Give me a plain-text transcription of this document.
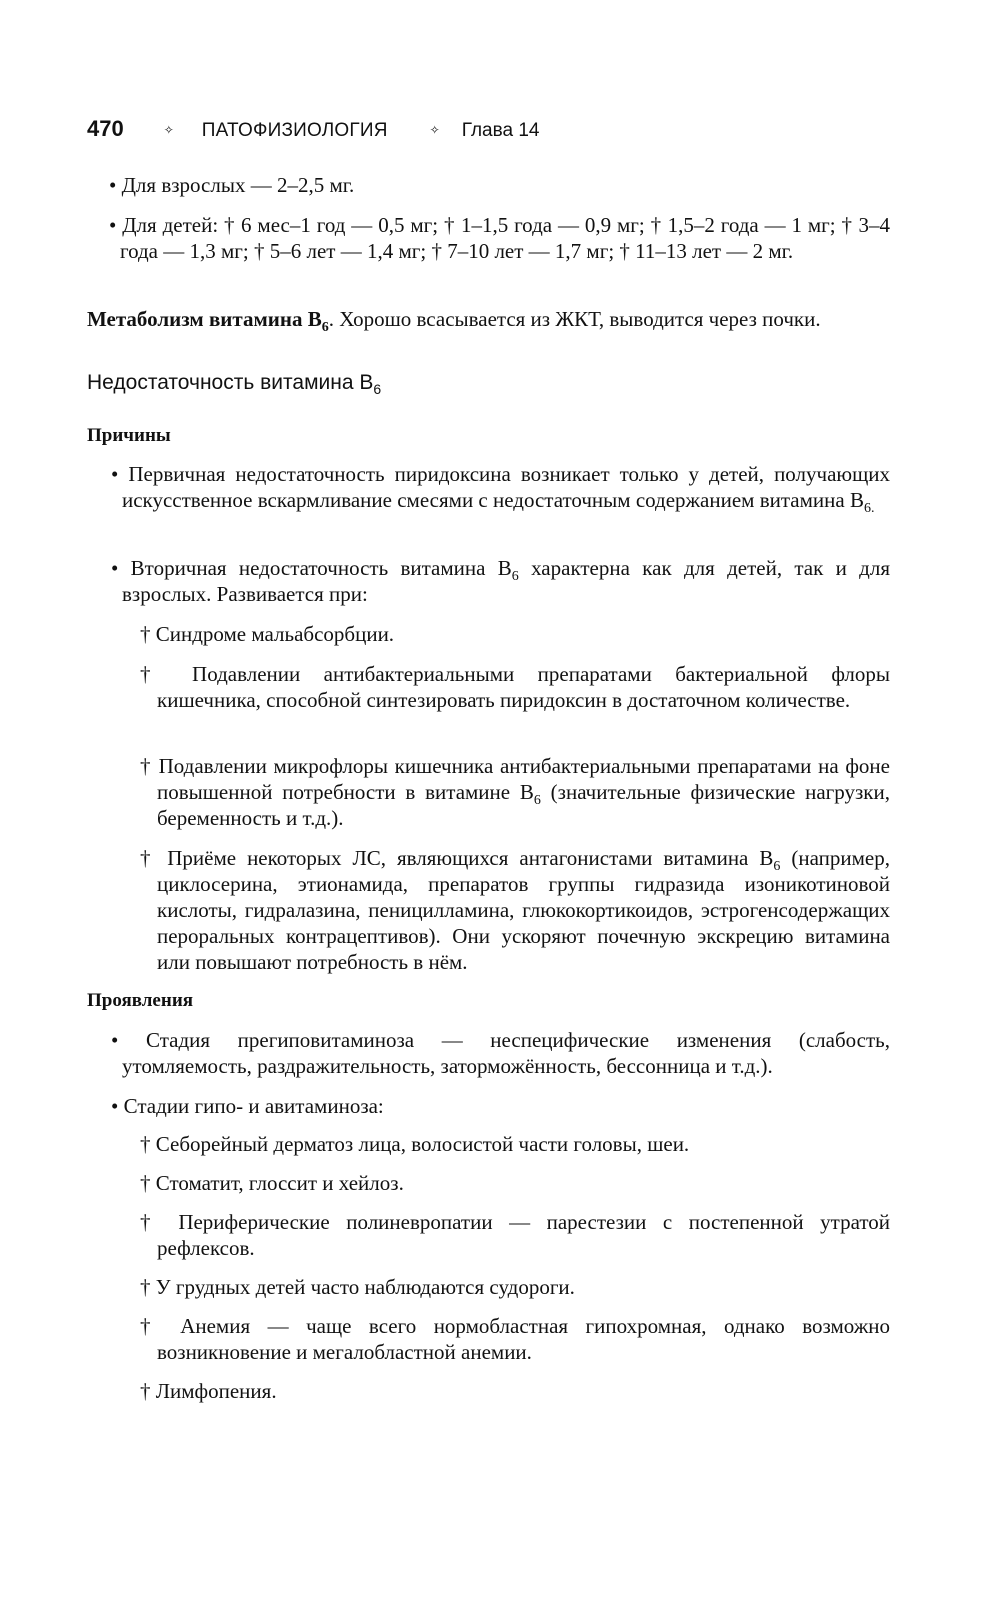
470	✧ ПАТОФИЗИОЛОГИЯ	✧ Глава 14

• Для взрослых — 2–2,5 мг.

• Для детей: † 6 мес–1 год — 0,5 мг; † 1–1,5 года — 0,9 мг; † 1,5–2 года — 1 мг; † 3–4 года — 1,3 мг; † 5–6 лет — 1,4 мг; † 7–10 лет — 1,7 мг; † 11–13 лет — 2 мг.

Метаболизм витамина $В_6$. Хорошо всасывается из ЖКТ, выводится через почки.

Недостаточность витамина $В_6$
Причины

• Первичная недостаточность пиридоксина возникает только у детей, получающих искусственное вскармливание смесями с недостаточным содержанием витамина $В_{6.}$

• Вторичная недостаточность витамина $В_6$ характерна как для детей, так и для взрослых. Развивается при:

† Синдроме мальабсорбции.

† Подавлении антибактериальными препаратами бактериальной флоры кишечника, способной синтезировать пиридоксин в достаточном количестве.

† Подавлении микрофлоры кишечника антибактериальными препаратами на фоне повышенной потребности в витамине $В_6$ (значительные физические нагрузки, беременность и т.д.).

† Приёме некоторых ЛС, являющихся антагонистами витамина $В_6$ (например, циклосерина, этионамида, препаратов группы гидразида изоникотиновой кислоты, гидралазина, пеницилламина, глюкокортикоидов, эстрогенсодержащих пероральных контрацептивов). Они ускоряют почечную экскрецию витамина или повышают потребность в нём.

Проявления

• Стадия прегиповитаминоза — неспецифические изменения (слабость, утомляемость, раздражительность, заторможённость, бессонница и т.д.).

• Стадии гипо- и авитаминоза:

† Себорейный дерматоз лица, волосистой части головы, шеи.

† Стоматит, глоссит и хейлоз.

† Периферические полиневропатии — парестезии с постепенной утратой рефлексов.

† У грудных детей часто наблюдаются судороги.

† Анемия — чаще всего нормобластная гипохромная, однако возможно возникновение и мегалобластной анемии.

† Лимфопения.
